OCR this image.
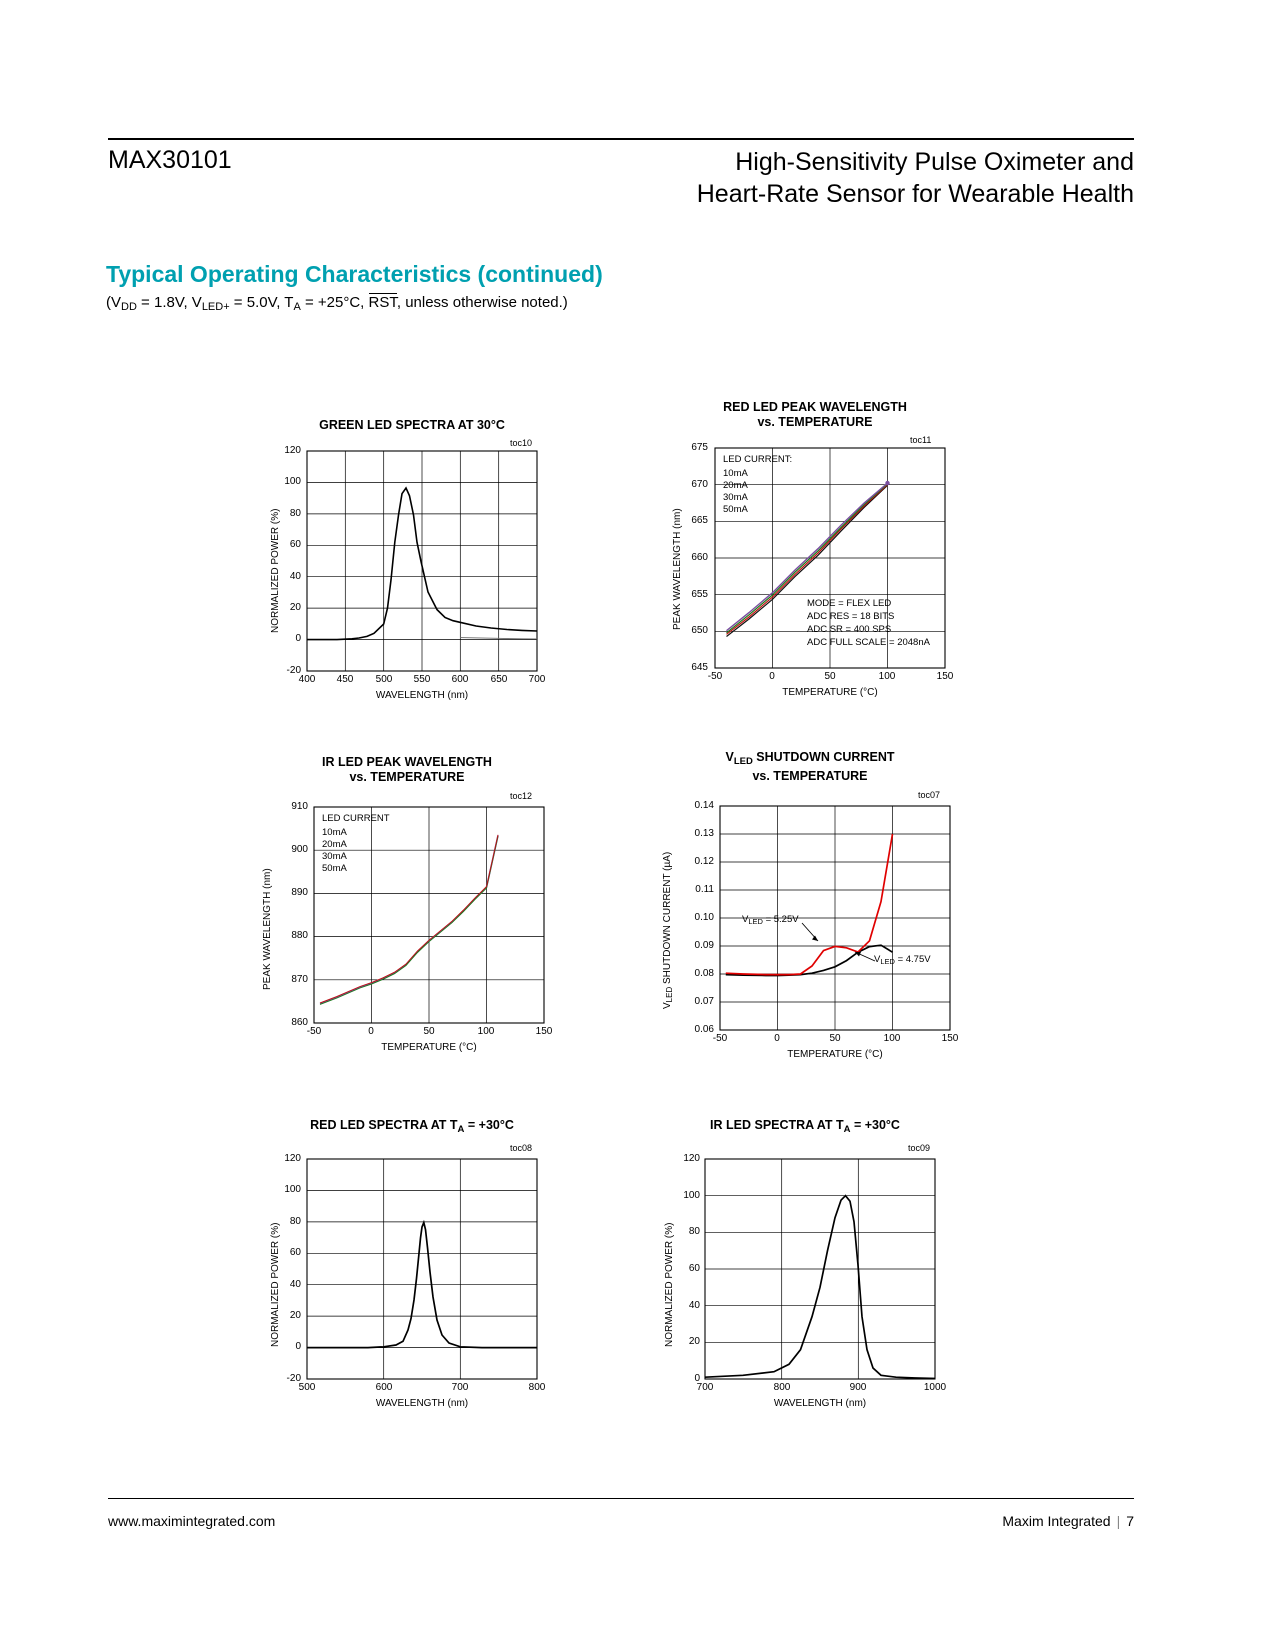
MAX30101	High-Sensitivity Pulse Oximeter and
Heart-Rate Sensor for Wearable Health
Typical Operating Characteristics (continued)
($V_{DD} = 1.8V$, $V_{LED+} = 5.0V$, $T_A = +25^\circ C$, RST, unless otherwise noted.)
GREEN LED SPECTRA AT 30°C
toc10
NORMALIZED POWER (%)
120
100
80
60
40
20
0
-20
400	450	500	550	600	650	700
WAVELENGTH (nm)
RED LED PEAK WAVELENGTH
vs. TEMPERATURE
toc11
PEAK WAVELENGTH (nm)
675
670
665
660
655
650
645
-50	0	50	100	150
TEMPERATURE (°C)
LED CURRENT:
10mA
20mA
30mA
50mA
MODE = FLEX LED
ADC RES = 18 BITS
ADC SR = 400 SPS
ADC FULL SCALE = 2048nA
IR LED PEAK WAVELENGTH
vs. TEMPERATURE
toc12
PEAK WAVELENGTH (nm)
910
900
890
880
870
860
-50	0	50	100	150
TEMPERATURE (°C)
LED CURRENT
10mA
20mA
30mA
50mA
$V_{LED}$ SHUTDOWN CURRENT
vs. TEMPERATURE
toc07
$V_{LED}$ SHUTDOWN CURRENT (µA)
0.14
0.13
0.12
0.11
0.10
0.09
0.08
0.07
0.06
-50	0	50	100	150
TEMPERATURE (°C)
$V_{LED} = 5.25V$
$V_{LED} = 4.75V$
RED LED SPECTRA AT $T_A = +30^\circ C$
toc08
NORMALIZED POWER (%)
120
100
80
60
40
20
0
-20
500	600	700	800
WAVELENGTH (nm)
IR LED SPECTRA AT $T_A = +30^\circ C$
toc09
NORMALIZED POWER (%)
120
100
80
60
40
20
0
700	800	900	1000
WAVELENGTH (nm)
www.maximintegrated.com	Maxim Integrated | 7
